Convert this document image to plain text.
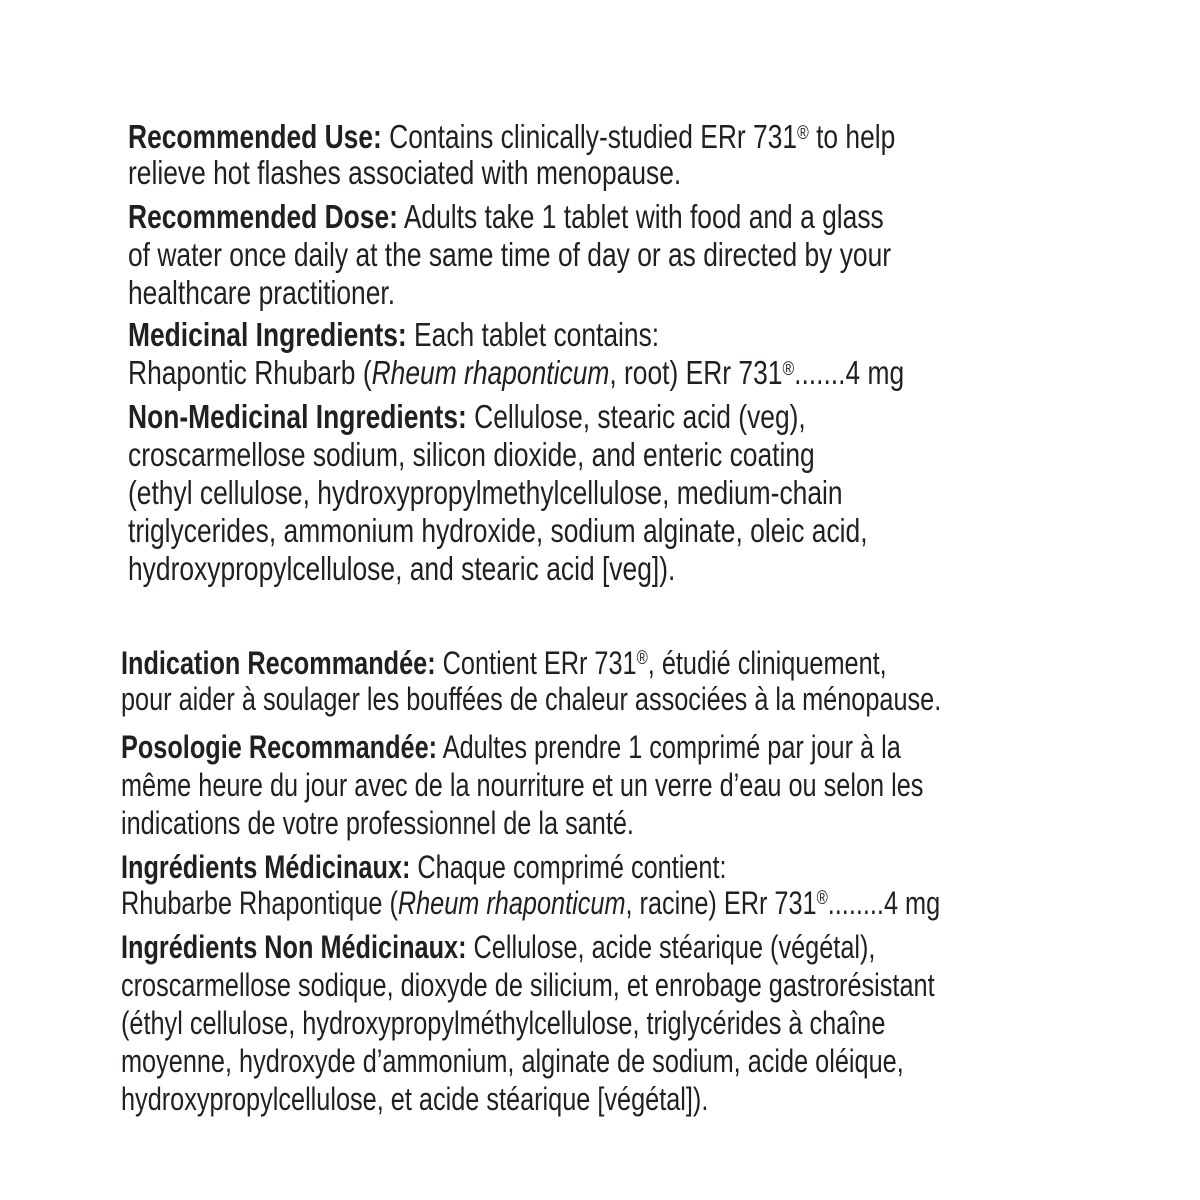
Recommended Use: Contains clinically-studied ERr 731® to help
relieve hot flashes associated with menopause.
Recommended Dose: Adults take 1 tablet with food and a glass
of water once daily at the same time of day or as directed by your
healthcare practitioner.
Medicinal Ingredients: Each tablet contains:
Rhapontic Rhubarb (Rheum rhaponticum, root) ERr 731®.......4 mg
Non-Medicinal Ingredients: Cellulose, stearic acid (veg),
croscarmellose sodium, silicon dioxide, and enteric coating
(ethyl cellulose, hydroxypropylmethylcellulose, medium-chain
triglycerides, ammonium hydroxide, sodium alginate, oleic acid,
hydroxypropylcellulose, and stearic acid [veg]).
Indication Recommandée: Contient ERr 731®, étudié cliniquement,
pour aider à soulager les bouffées de chaleur associées à la ménopause.
Posologie Recommandée: Adultes prendre 1 comprimé par jour à la
même heure du jour avec de la nourriture et un verre d’eau ou selon les
indications de votre professionnel de la santé.
Ingrédients Médicinaux: Chaque comprimé contient:
Rhubarbe Rhapontique (Rheum rhaponticum, racine) ERr 731®........4 mg
Ingrédients Non Médicinaux: Cellulose, acide stéarique (végétal),
croscarmellose sodique, dioxyde de silicium, et enrobage gastrorésistant
(éthyl cellulose, hydroxypropylméthylcellulose, triglycérides à chaîne
moyenne, hydroxyde d’ammonium, alginate de sodium, acide oléique,
hydroxypropylcellulose, et acide stéarique [végétal]).
